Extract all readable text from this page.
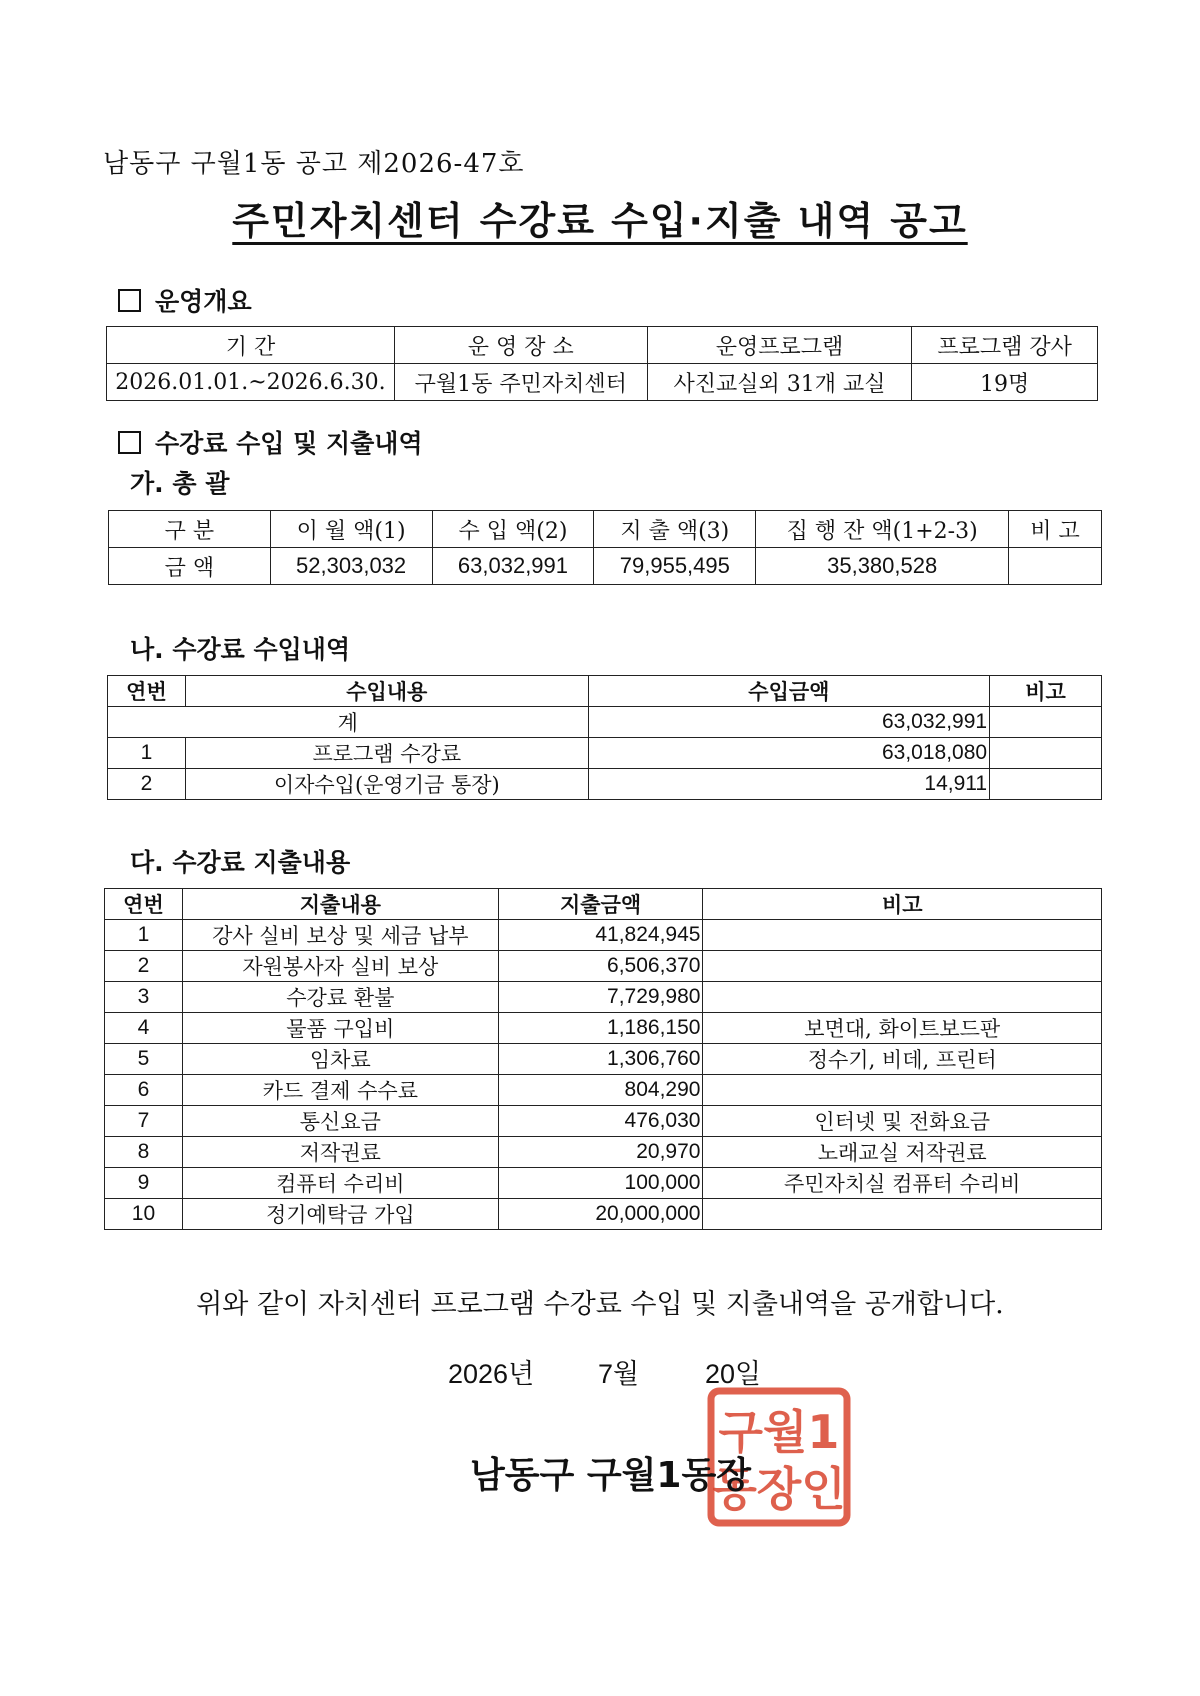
남동구 구월1동 공고 제2026-47호
주민자치센터 수강료 수입·지출 내역 공고
운영개요
기 간	운 영 장 소	운영프로그램	프로그램 강사
2026.01.01.~2026.6.30.	구월1동 주민자치센터	사진교실외 31개 교실	19명
수강료 수입 및 지출내역
가. 총 괄
구 분	이 월 액(1)	수 입 액(2)	지 출 액(3)	집 행 잔 액(1+2-3)	비 고
금 액	52,303,032	63,032,991	79,955,495	35,380,528	
나. 수강료 수입내역
연번	수입내용	수입금액	비고
계		63,032,991	
1	프로그램 수강료	63,018,080	
2	이자수입(운영기금 통장)	14,911	
다. 수강료 지출내용
연번	지출내용	지출금액	비고
1	강사 실비 보상 및 세금 납부	41,824,945	
2	자원봉사자 실비 보상	6,506,370	
3	수강료 환불	7,729,980	
4	물품 구입비	1,186,150	보면대, 화이트보드판
5	임차료	1,306,760	정수기, 비데, 프린터
6	카드 결제 수수료	804,290	
7	통신요금	476,030	인터넷 및 전화요금
8	저작권료	20,970	노래교실 저작권료
9	컴퓨터 수리비	100,000	주민자치실 컴퓨터 수리비
10	정기예탁금 가입	20,000,000	
위와 같이 자치센터 프로그램 수강료 수입 및 지출내역을 공개합니다.
2026년 7월 20일
구월1
동장인
남동구 구월1동장
